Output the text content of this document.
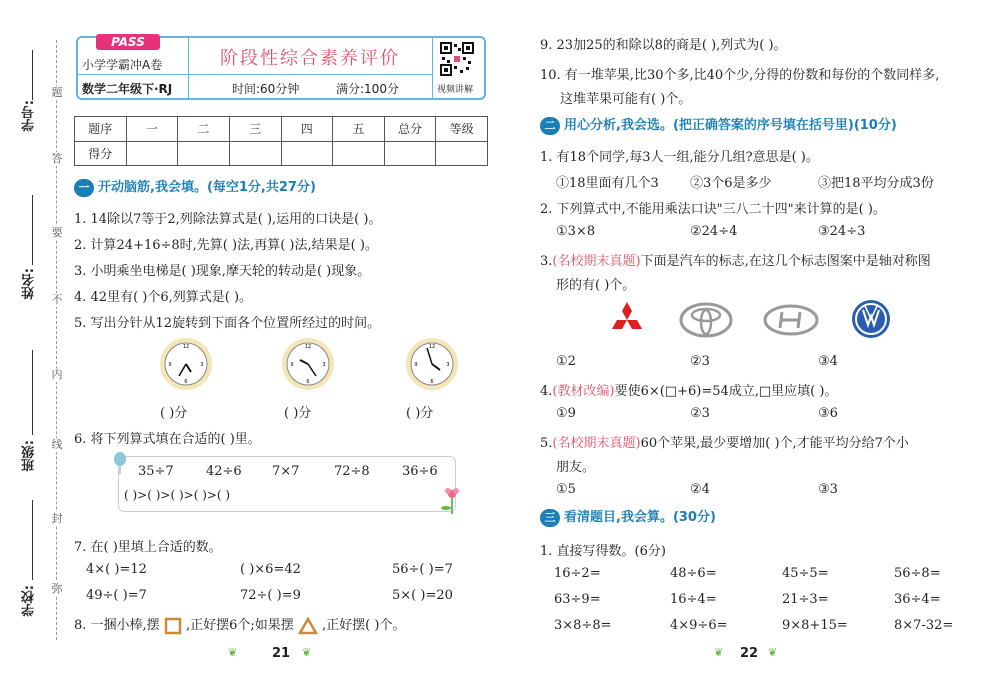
学号:
姓名:
班级:
学校:
题
答
要
不
内
线
封
弥
PASS
小学学霸冲A卷
数学二年级下·RJ
阶段性综合素养评价
时间:60分钟	满分:100分	视频讲解
题序	一	二	三	四	五	总分	等级
得分							
一 开动脑筋,我会填。(每空1分,共27分)
1. 14除以7等于2,列除法算式是( ),运用的口诀是( )。
2. 计算24+16÷8时,先算( )法,再算( )法,结果是( )。
3. 小明乘坐电梯是( )现象,摩天轮的转动是( )现象。
4. 42里有( )个6,列算式是( )。
5. 写出分针从12旋转到下面各个位置所经过的时间。
12
3
6
9
12
3
6
9
12
3
6
9
( )分	( )分	( )分
6. 将下列算式填在合适的( )里。
35÷7 42÷6 7×7	72÷8 36÷6
( )>( )>( )>( )>( )
7. 在( )里填上合适的数。
4×( )=12	( )×6=42	56÷( )=7
49÷( )=7	72÷( )=9	5×( )=20
8. 一捆小棒,摆 ,正好摆6个;如果摆 ,正好摆( )个。
❦	21 ❦
9. 23加25的和除以8的商是( ),列式为( )。
10. 有一堆苹果,比30个多,比40个少,分得的份数和每份的个数同样多,
这堆苹果可能有( )个。
二 用心分析,我会选。(把正确答案的序号填在括号里)(10分)
1. 有18个同学,每3人一组,能分几组?意思是( )。
①18里面有几个3 ②3个6是多少	③把18平均分成3份
2. 下列算式中,不能用乘法口诀"三八二十四"来计算的是( )。
①3×8	②24÷4	③24÷3
3.(名校期末真题)下面是汽车的标志,在这几个标志图案中是轴对称图
形的有( )个。
①2	②3	③4
4.(教材改编)要使6×(□+6)=54成立,□里应填( )。
①9	②3	③6
5.(名校期末真题)60个苹果,最少要增加( )个,才能平均分给7个小
朋友。
①5	②4	③3
三 看清题目,我会算。(30分)
1. 直接写得数。(6分)
16÷2=	48÷6=	45÷5=	56÷8=
63÷9=	16÷4=	21÷3=	36÷4=
3×8÷8=	4×9÷6=	9×8+15=	8×7-32=
❦ 22 ❦
